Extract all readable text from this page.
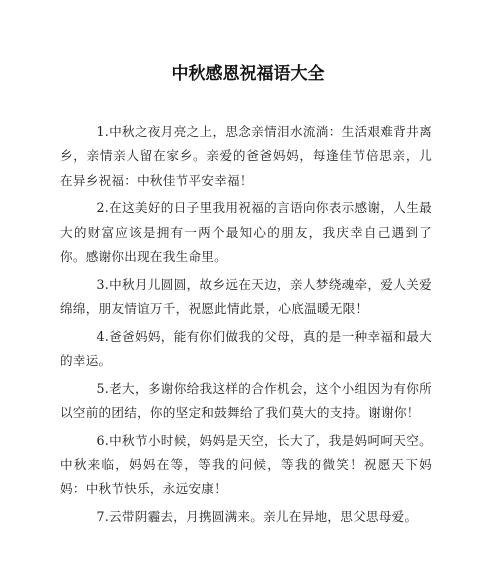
中秋感恩祝福语大全

1.中秋之夜月亮之上，思念亲情泪水流淌：生活艰难背井离乡，亲情亲人留在家乡。亲爱的爸爸妈妈，每逢佳节倍思亲，儿在异乡祝福：中秋佳节平安幸福！

2.在这美好的日子里我用祝福的言语向你表示感谢，人生最大的财富应该是拥有一两个最知心的朋友，我庆幸自己遇到了你。感谢你出现在我生命里。

3.中秋月儿圆圆，故乡远在天边，亲人梦绕魂牵，爱人关爱绵绵，朋友情谊万千，祝愿此情此景，心底温暖无限！

4.爸爸妈妈，能有你们做我的父母，真的是一种幸福和最大的幸运。

5.老大，多谢你给我这样的合作机会，这个小组因为有你所以空前的团结，你的坚定和鼓舞给了我们莫大的支持。谢谢你！

6.中秋节小时候，妈妈是天空，长大了，我是妈呵呵天空。中秋来临，妈妈在等，等我的问候，等我的微笑！祝愿天下妈妈：中秋节快乐，永远安康！

7.云带阴霾去，月携圆满来。亲儿在异地，思父思母爱。
